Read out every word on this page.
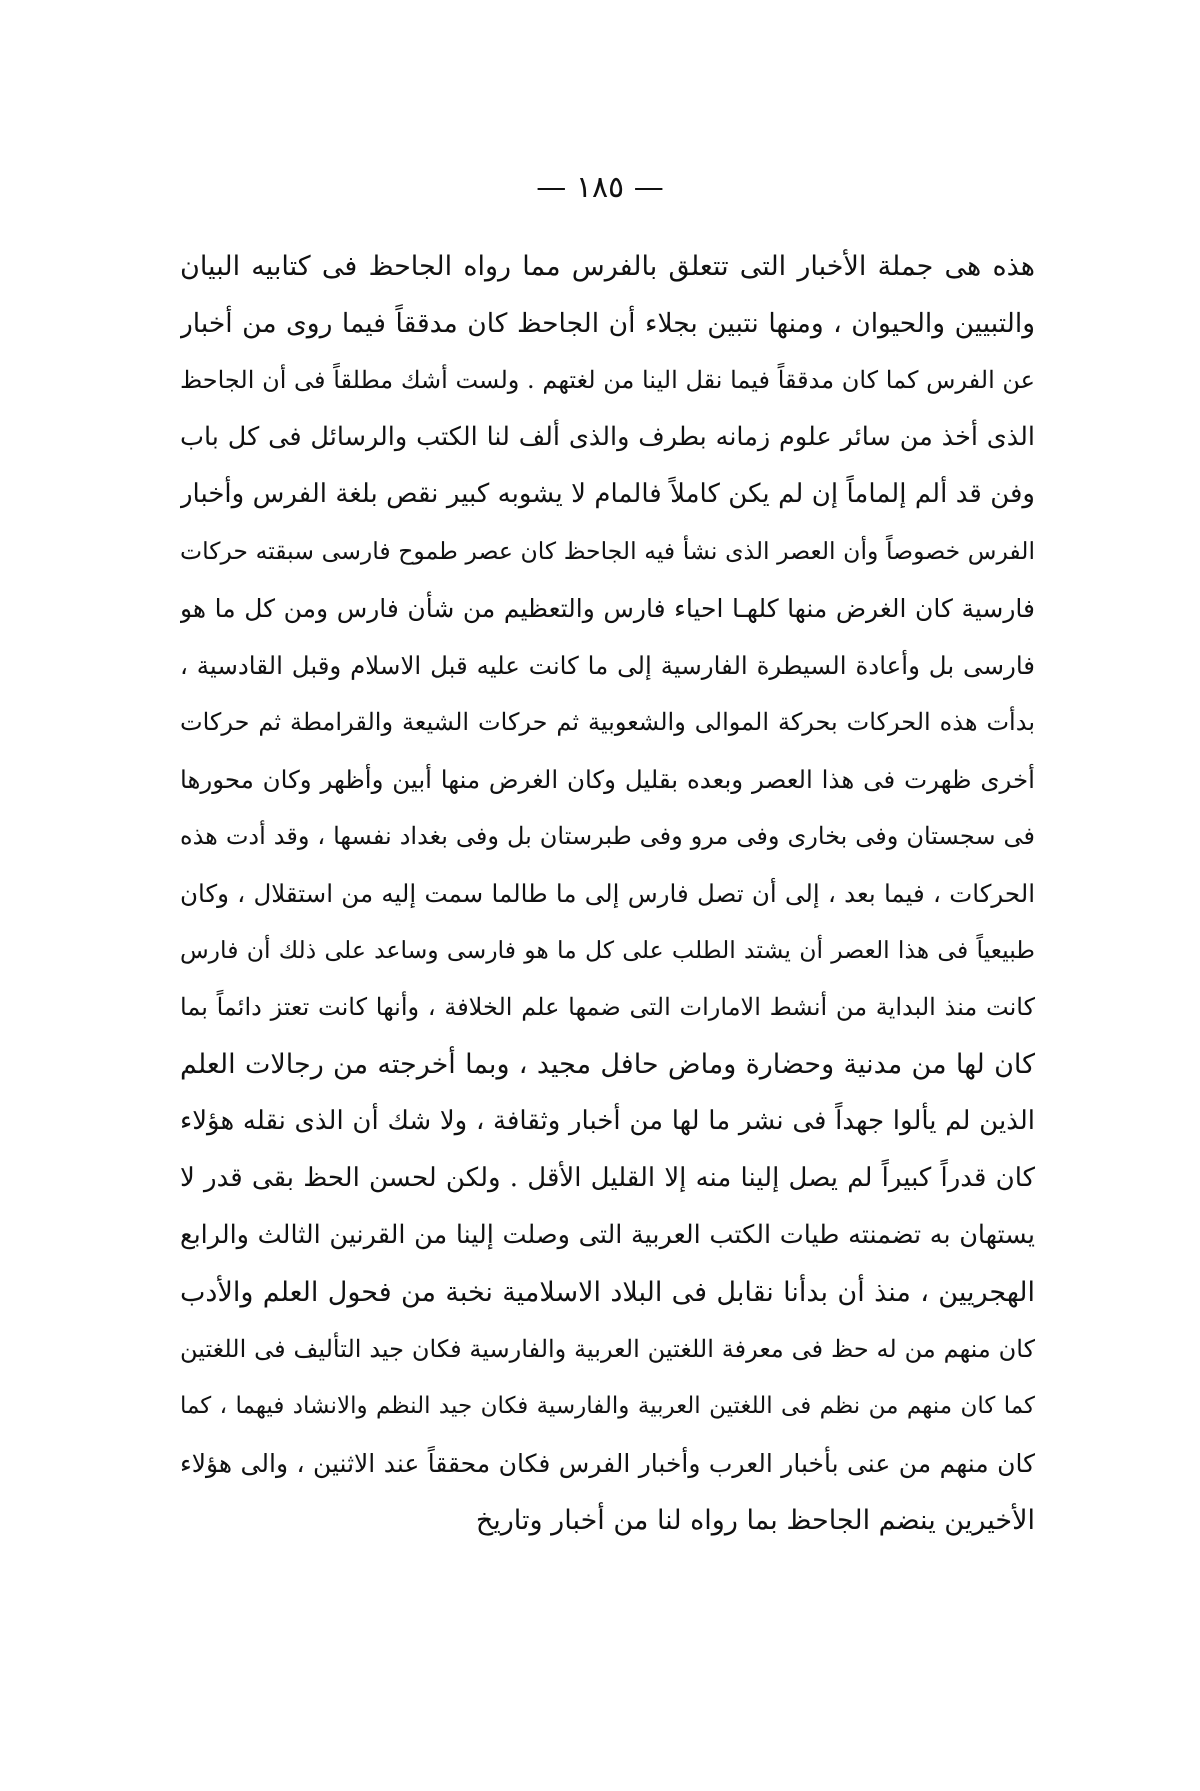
— ١٨٥ —
هذه هى جملة الأخبار التى تتعلق بالفرس مما رواه الجاحظ فى كتابيه البيان
والتبيين والحيوان ، ومنها نتبين بجلاء أن الجاحظ كان مدققاً فيما روى من أخبار
عن الفرس كما كان مدققاً فيما نقل الينا من لغتهم . ولست أشك مطلقاً فى أن الجاحظ
الذى أخذ من سائر علوم زمانه بطرف والذى ألف لنا الكتب والرسائل فى كل باب
وفن قد ألم إلماماً إن لم يكن كاملاً فالمام لا يشوبه كبير نقص بلغة الفرس وأخبار
الفرس خصوصاً وأن العصر الذى نشأ فيه الجاحظ كان عصر طموح فارسى سبقته حركات
فارسية كان الغرض منها كلهـا احياء فارس والتعظيم من شأن فارس ومن كل ما هو
فارسى بل وأعادة السيطرة الفارسية إلى ما كانت عليه قبل الاسلام وقبل القادسية ،
بدأت هذه الحركات بحركة الموالى والشعوبية ثم حركات الشيعة والقرامطة ثم حركات
أخرى ظهرت فى هذا العصر وبعده بقليل وكان الغرض منها أبين وأظهر وكان محورها
فى سجستان وفى بخارى وفى مرو وفى طبرستان بل وفى بغداد نفسها ، وقد أدت هذه
الحركات ، فيما بعد ، إلى أن تصل فارس إلى ما طالما سمت إليه من استقلال ، وكان
طبيعياً فى هذا العصر أن يشتد الطلب على كل ما هو فارسى وساعد على ذلك أن فارس
كانت منذ البداية من أنشط الامارات التى ضمها علم الخلافة ، وأنها كانت تعتز دائماً بما
كان لها من مدنية وحضارة وماض حافل مجيد ، وبما أخرجته من رجالات العلم
الذين لم يألوا جهداً فى نشر ما لها من أخبار وثقافة ، ولا شك أن الذى نقله هؤلاء
كان قدراً كبيراً لم يصل إلينا منه إلا القليل الأقل . ولكن لحسن الحظ بقى قدر لا
يستهان به تضمنته طيات الكتب العربية التى وصلت إلينا من القرنين الثالث والرابع
الهجريين ، منذ أن بدأنا نقابل فى البلاد الاسلامية نخبة من فحول العلم والأدب
كان منهم من له حظ فى معرفة اللغتين العربية والفارسية فكان جيد التأليف فى اللغتين
كما كان منهم من نظم فى اللغتين العربية والفارسية فكان جيد النظم والانشاد فيهما ، كما
كان منهم من عنى بأخبار العرب وأخبار الفرس فكان محققاً عند الاثنين ، والى هؤلاء
الأخيرين ينضم الجاحظ بما رواه لنا من أخبار وتاريخ
